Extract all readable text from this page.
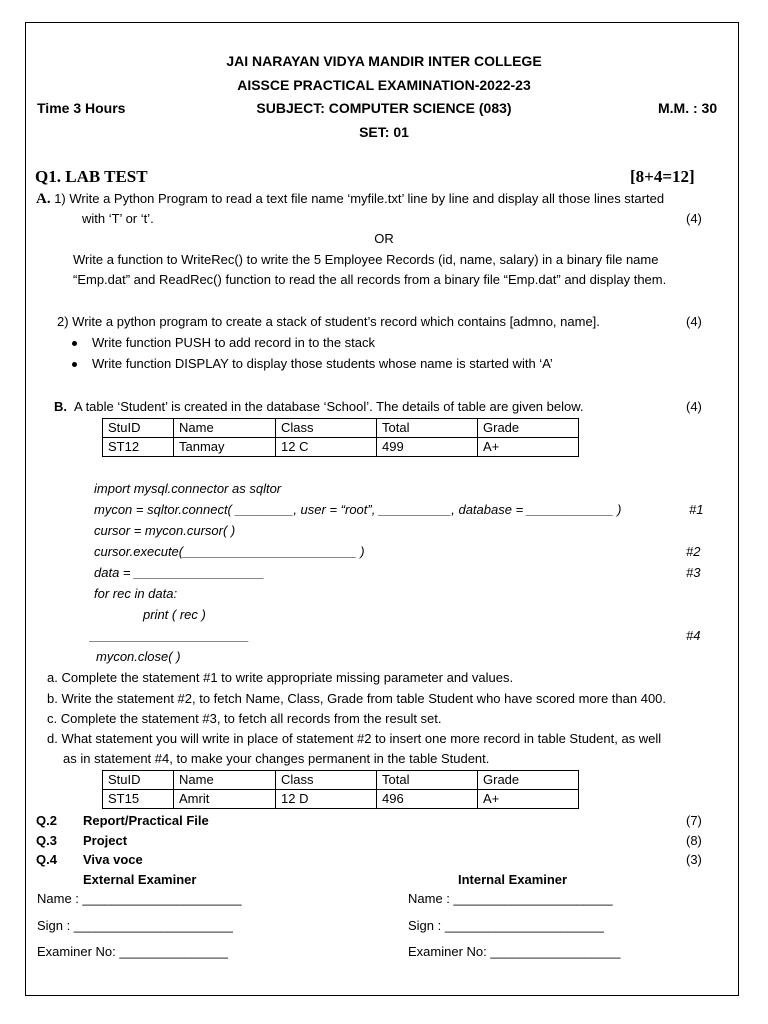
JAI NARAYAN VIDYA MANDIR INTER COLLEGE
AISSCE PRACTICAL EXAMINATION-2022-23
Time 3 Hours	SUBJECT: COMPUTER SCIENCE (083)	M.M. : 30
SET: 01
Q1. LAB TEST	[8+4=12]
A. 1) Write a Python Program to read a text file name ‘myfile.txt’ line by line and display all those lines started
with ‘T’ or ‘t’.	(4)
OR
Write a function to WriteRec() to write the 5 Employee Records (id, name, salary) in a binary file name
“Emp.dat” and ReadRec() function to read the all records from a binary file “Emp.dat” and display them.
2) Write a python program to create a stack of student’s record which contains [admno, name].	(4)
Write function PUSH to add record in to the stack
Write function DISPLAY to display those students whose name is started with ‘A’
B. A table ‘Student’ is created in the database ‘School’. The details of table are given below.	(4)
StuID	Name	Class	Total	Grade
ST12	Tanmay	12 C	499	A+
import mysql.connector as sqltor
mycon = sqltor.connect( ________, user = “root”, __________, database = ____________ )	#1
cursor = mycon.cursor( )
cursor.execute(________________________ )	#2
data = __________________	#3
for rec in data:
print ( rec )
______________________	#4
mycon.close( )
a. Complete the statement #1 to write appropriate missing parameter and values.
b. Write the statement #2, to fetch Name, Class, Grade from table Student who have scored more than 400.
c. Complete the statement #3, to fetch all records from the result set.
d. What statement you will write in place of statement #2 to insert one more record in table Student, as well
as in statement #4, to make your changes permanent in the table Student.
StuID	Name	Class	Total	Grade
ST15	Amrit	12 D	496	A+
Q.2 Report/Practical File	(7)
Q.3 Project	(8)
Q.4 Viva voce	(3)
External Examiner	Internal Examiner
Name : ______________________	Name : ______________________
Sign : ______________________	Sign : ______________________
Examiner No: _______________	Examiner No: __________________
